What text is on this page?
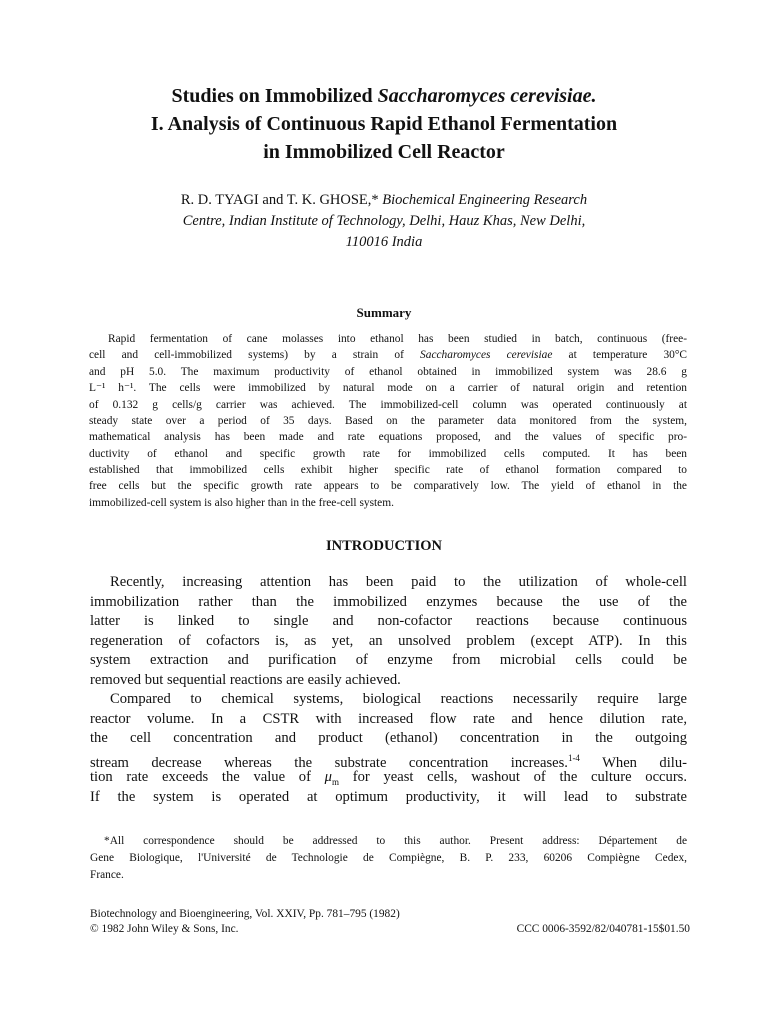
Studies on Immobilized Saccharomyces cerevisiae.
I. Analysis of Continuous Rapid Ethanol Fermentation
in Immobilized Cell Reactor
R. D. TYAGI and T. K. GHOSE,* Biochemical Engineering Research
Centre, Indian Institute of Technology, Delhi, Hauz Khas, New Delhi,
110016 India
Summary
Rapid fermentation of cane molasses into ethanol has been studied in batch, continuous (free-
cell and cell-immobilized systems) by a strain of Saccharomyces cerevisiae at temperature 30°C
and pH 5.0. The maximum productivity of ethanol obtained in immobilized system was 28.6 g
L⁻¹ h⁻¹. The cells were immobilized by natural mode on a carrier of natural origin and retention
of 0.132 g cells/g carrier was achieved. The immobilized-cell column was operated continuously at
steady state over a period of 35 days. Based on the parameter data monitored from the system,
mathematical analysis has been made and rate equations proposed, and the values of specific pro-
ductivity of ethanol and specific growth rate for immobilized cells computed. It has been
established that immobilized cells exhibit higher specific rate of ethanol formation compared to
free cells but the specific growth rate appears to be comparatively low. The yield of ethanol in the
immobilized-cell system is also higher than in the free-cell system.
INTRODUCTION
Recently, increasing attention has been paid to the utilization of whole-cell
immobilization rather than the immobilized enzymes because the use of the
latter is linked to single and non-cofactor reactions because continuous
regeneration of cofactors is, as yet, an unsolved problem (except ATP). In this
system extraction and purification of enzyme from microbial cells could be
removed but sequential reactions are easily achieved.
Compared to chemical systems, biological reactions necessarily require large
reactor volume. In a CSTR with increased flow rate and hence dilution rate,
the cell concentration and product (ethanol) concentration in the outgoing
stream decrease whereas the substrate concentration increases.$^{1-4}$ When dilu-
tion rate exceeds the value of $\mu_m$ for yeast cells, washout of the culture occurs.
If the system is operated at optimum productivity, it will lead to substrate
*All correspondence should be addressed to this author. Present address: Département de
Gene Biologique, l'Université de Technologie de Compiègne, B. P. 233, 60206 Compiègne Cedex,
France.
Biotechnology and Bioengineering, Vol. XXIV, Pp. 781–795 (1982)
© 1982 John Wiley & Sons, Inc.	CCC 0006-3592/82/040781-15$01.50
